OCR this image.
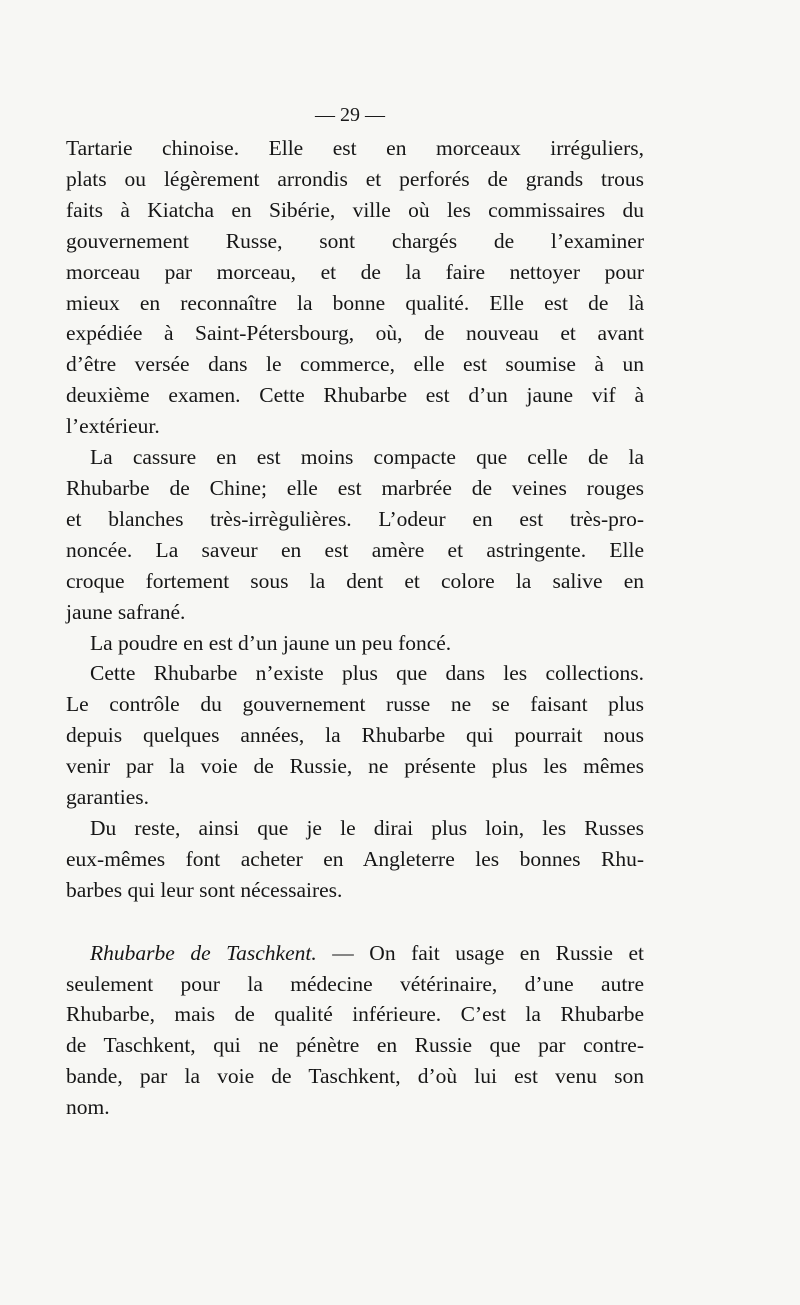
— 29 —

Tartarie chinoise. Elle est en morceaux irréguliers,
plats ou légèrement arrondis et perforés de grands trous
faits à Kiatcha en Sibérie, ville où les commissaires du
gouvernement Russe, sont chargés de l’examiner
morceau par morceau, et de la faire nettoyer pour
mieux en reconnaître la bonne qualité. Elle est de là
expédiée à Saint-Pétersbourg, où, de nouveau et avant
d’être versée dans le commerce, elle est soumise à un
deuxième examen. Cette Rhubarbe est d’un jaune vif à
l’extérieur.

La cassure en est moins compacte que celle de la
Rhubarbe de Chine; elle est marbrée de veines rouges
et blanches très-irrègulières. L’odeur en est très-pro-
noncée. La saveur en est amère et astringente. Elle
croque fortement sous la dent et colore la salive en
jaune safrané.

La poudre en est d’un jaune un peu foncé.

Cette Rhubarbe n’existe plus que dans les collections.
Le contrôle du gouvernement russe ne se faisant plus
depuis quelques années, la Rhubarbe qui pourrait nous
venir par la voie de Russie, ne présente plus les mêmes
garanties.

Du reste, ainsi que je le dirai plus loin, les Russes
eux-mêmes font acheter en Angleterre les bonnes Rhu-
barbes qui leur sont nécessaires.

Rhubarbe de Taschkent. — On fait usage en Russie et
seulement pour la médecine vétérinaire, d’une autre
Rhubarbe, mais de qualité inférieure. C’est la Rhubarbe
de Taschkent, qui ne pénètre en Russie que par contre-
bande, par la voie de Taschkent, d’où lui est venu son
nom.
